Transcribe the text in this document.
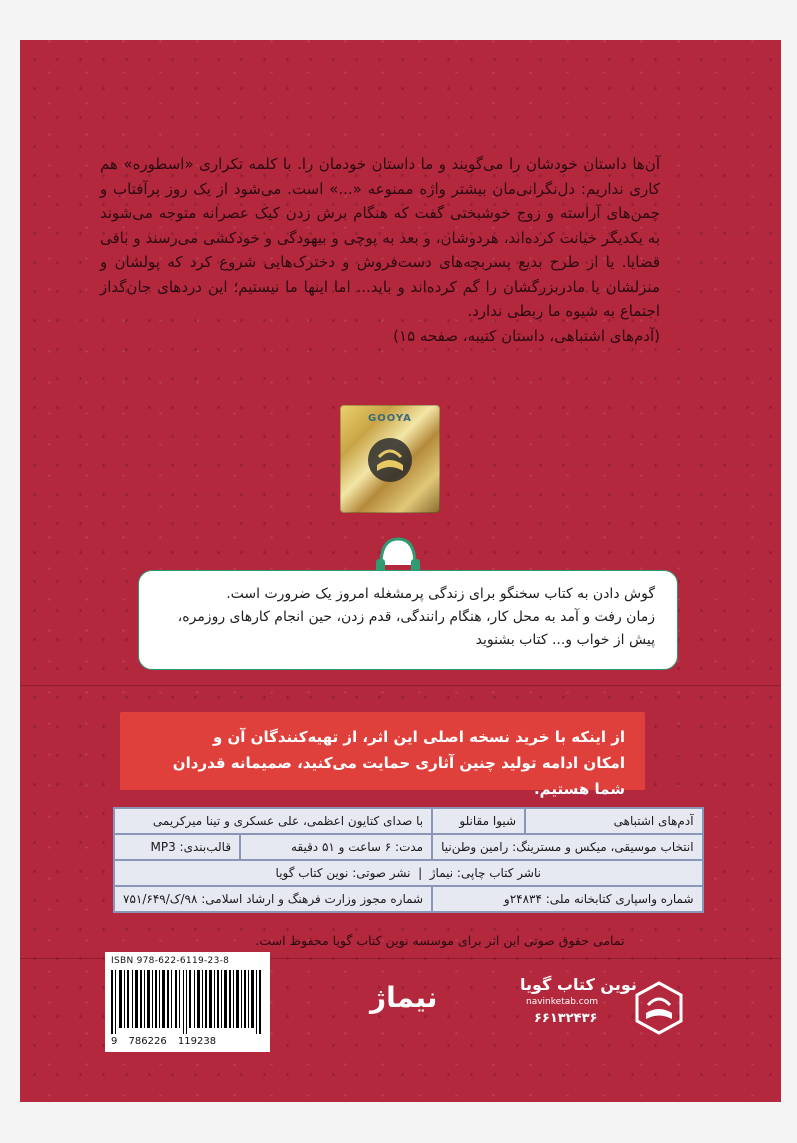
آن‌ها داستان خودشان را می‌گویند و ما داستان خودمان را. با کلمه تکراری «اسطوره» هم کاری نداریم: دل‌نگرانی‌مان بیشتر واژه ممنوعه «...» است. می‌شود از یک روز پرآفتاب و چمن‌های آراسته و زوج خوشبختی گفت که هنگام برش زدن کیک عصرانه متوجه می‌شوند به یکدیگر خیانت کرده‌اند، هردوشان، و بعد به پوچی و بیهودگی و خودکشی می‌رسند و باقی قضایا. یا از طرح بدیع پسربچه‌های دست‌فروش و دخترک‌هایی شروع کرد که پولشان و منزلشان یا مادربزرگشان را گم کرده‌اند و باید... اما اینها ما نیستیم؛ این دردهای جان‌گداز اجتماع به شیوه ما ربطی ندارد.

(آدم‌های اشتباهی، داستان کتیبه، صفحه ۱۵)

GOOYA

گوش دادن به کتاب سخنگو برای زندگی پرمشغله امروز یک ضرورت است.

زمان رفت و آمد به محل کار، هنگام رانندگی، قدم زدن، حین انجام کارهای روزمره،

پیش از خواب و... کتاب بشنوید

از اینکه با خرید نسخه اصلی این اثر، از تهیه‌کنندگان آن و

امکان ادامه تولید چنین آثاری حمایت می‌کنید، صمیمانه قدردان شما هستیم.

آدم‌های اشتباهی	شیوا مقانلو	با صدای کتایون اعظمی، علی عسکری و تینا میرکریمی	
انتخاب موسیقی، میکس و مسترینگ: رامین وطن‌نیا		مدت: ۶ ساعت و ۵۱ دقیقه	قالب‌بندی: MP3
ناشر کتاب چاپی: نیماژ  |  نشر صوتی: نوین کتاب گویا			
شماره واسپاری کتابخانه ملی: ۲۴۸۳۴و		شماره مجوز وزارت فرهنگ و ارشاد اسلامی: ۹۸/ک/۷۵۱/۶۴۹	
تمامی حقوق صوتی این اثر برای موسسه نوین کتاب گویا محفوظ است.
ISBN 978-622-6119-23-8
9 786226 119238
نیماژ	نوین کتاب گویا
navinketab.com
۶۶۱۳۲۴۳۶
